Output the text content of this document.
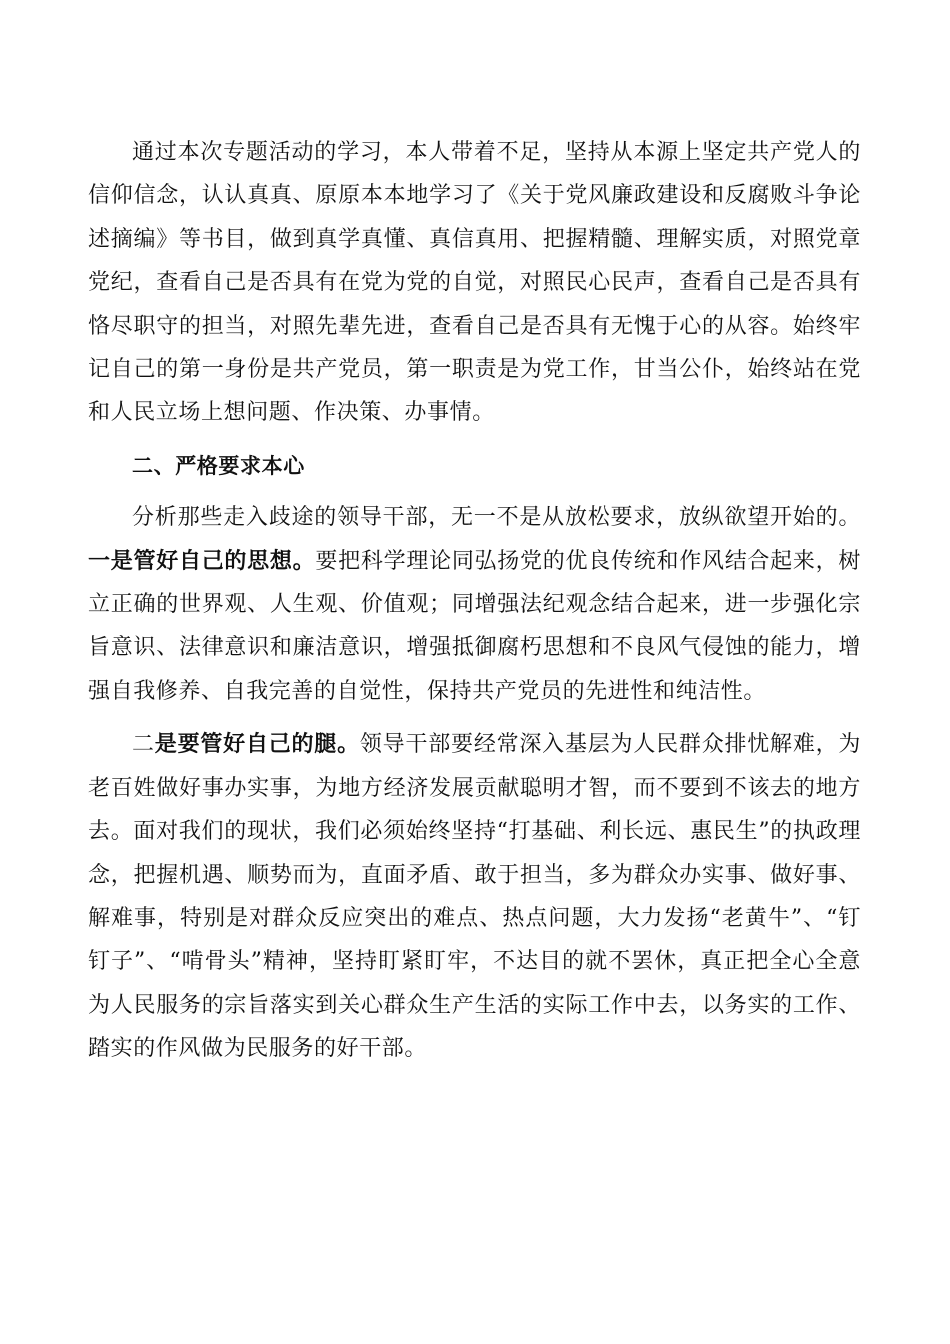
通过本次专题活动的学习，本人带着不足，坚持从本源上坚定共产党人的信仰信念，认认真真、原原本本地学习了《关于党风廉政建设和反腐败斗争论述摘编》等书目，做到真学真懂、真信真用、把握精髓、理解实质，对照党章党纪，查看自己是否具有在党为党的自觉，对照民心民声，查看自己是否具有恪尽职守的担当，对照先辈先进，查看自己是否具有无愧于心的从容。始终牢记自己的第一身份是共产党员，第一职责是为党工作，甘当公仆，始终站在党和人民立场上想问题、作决策、办事情。

二、严格要求本心

分析那些走入歧途的领导干部，无一不是从放松要求，放纵欲望开始的。一是管好自己的思想。要把科学理论同弘扬党的优良传统和作风结合起来，树立正确的世界观、人生观、价值观；同增强法纪观念结合起来，进一步强化宗旨意识、法律意识和廉洁意识，增强抵御腐朽思想和不良风气侵蚀的能力，增强自我修养、自我完善的自觉性，保持共产党员的先进性和纯洁性。

二是要管好自己的腿。领导干部要经常深入基层为人民群众排忧解难，为老百姓做好事办实事，为地方经济发展贡献聪明才智，而不要到不该去的地方去。面对我们的现状，我们必须始终坚持“打基础、利长远、惠民生”的执政理念，把握机遇、顺势而为，直面矛盾、敢于担当，多为群众办实事、做好事、解难事，特别是对群众反应突出的难点、热点问题，大力发扬“老黄牛”、“钉钉子”、“啃骨头”精神，坚持盯紧盯牢，不达目的就不罢休，真正把全心全意为人民服务的宗旨落实到关心群众生产生活的实际工作中去，以务实的工作、踏实的作风做为民服务的好干部。
